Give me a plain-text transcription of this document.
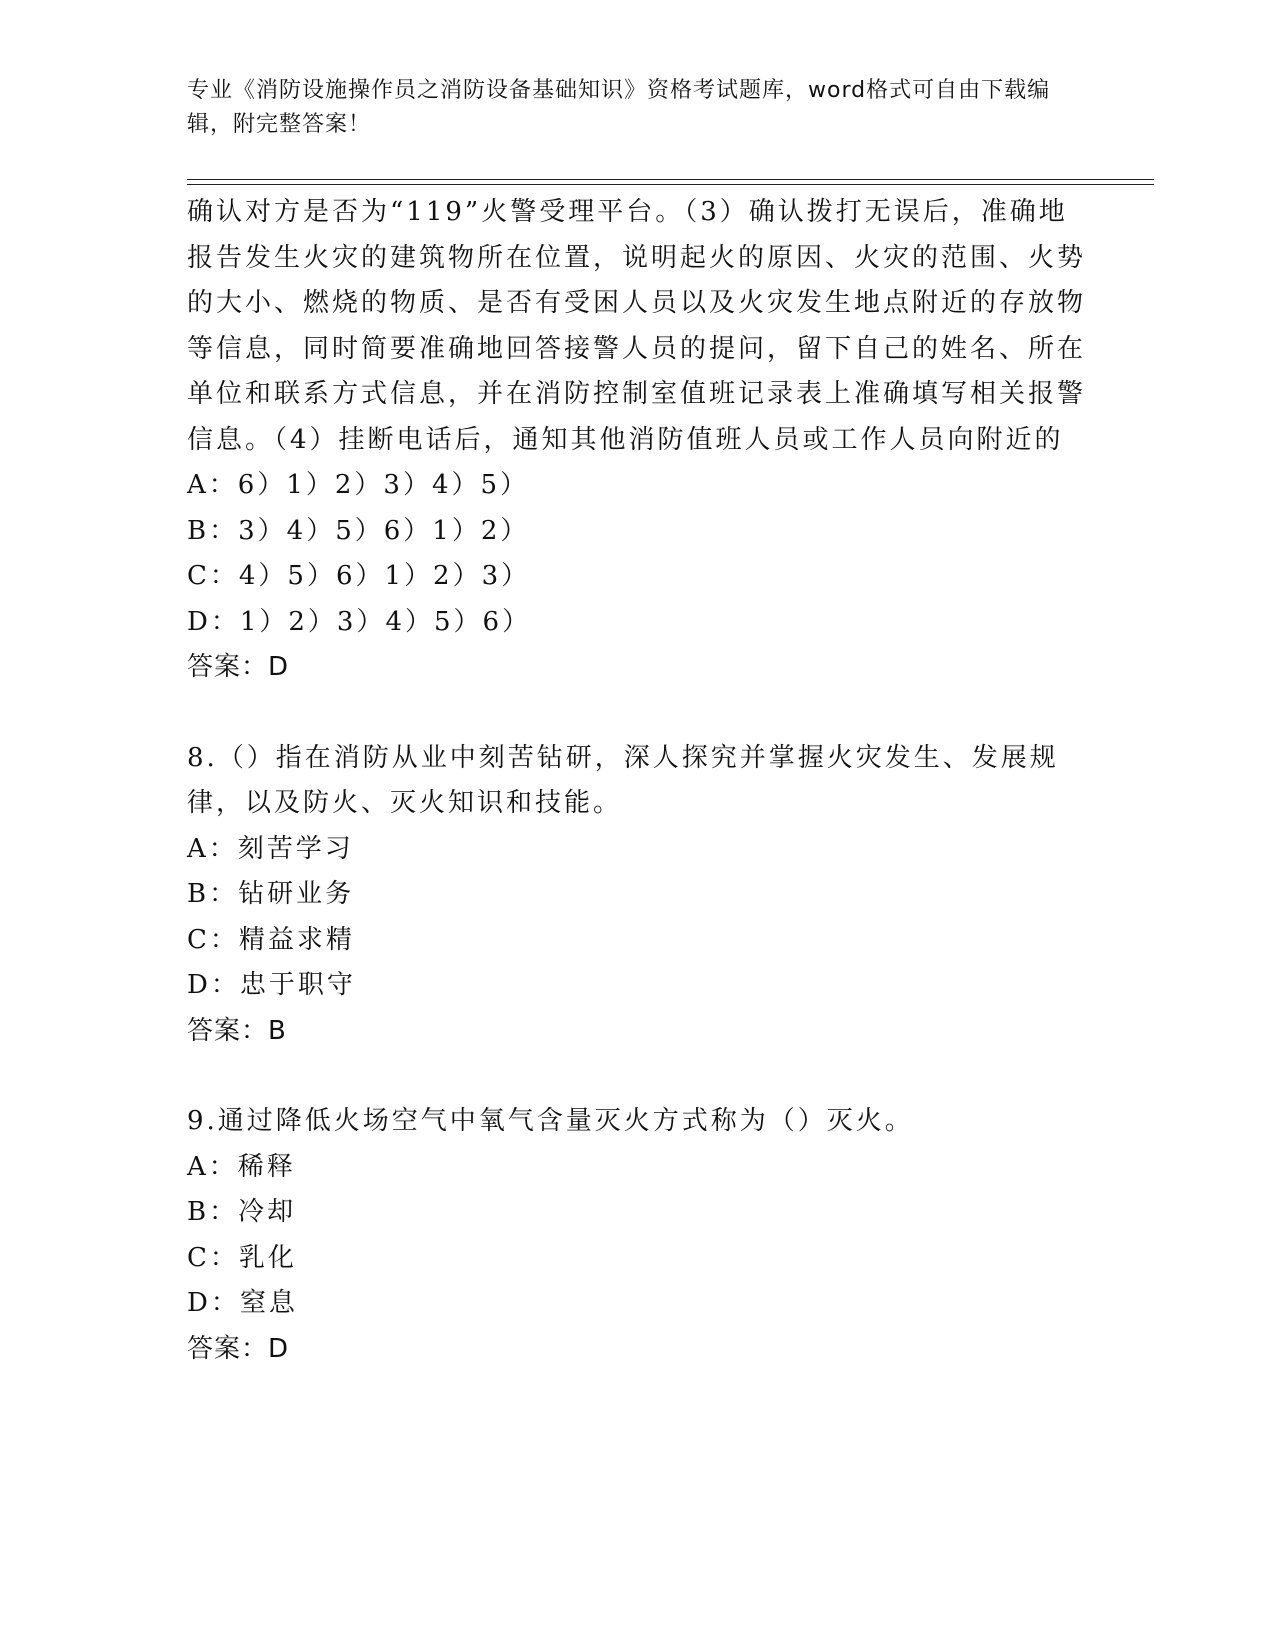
专业《消防设施操作员之消防设备基础知识》资格考试题库，word格式可自由下载编辑，附完整答案！

确认对方是否为“119”火警受理平台。（3）确认拨打无误后，准确地报告发生火灾的建筑物所在位置，说明起火的原因、火灾的范围、火势的大小、燃烧的物质、是否有受困人员以及火灾发生地点附近的存放物等信息，同时简要准确地回答接警人员的提问，留下自己的姓名、所在单位和联系方式信息，并在消防控制室值班记录表上准确填写相关报警信息。（4）挂断电话后，通知其他消防值班人员或工作人员向附近的

A：6）1）2）3）4）5）

B：3）4）5）6）1）2）

C：4）5）6）1）2）3）

D：1）2）3）4）5）6）

答案：D

8.（）指在消防从业中刻苦钻研，深人探究并掌握火灾发生、发展规律，以及防火、灭火知识和技能。

A：刻苦学习

B：钻研业务

C：精益求精

D：忠于职守

答案：B

9.通过降低火场空气中氧气含量灭火方式称为（）灭火。

A：稀释

B：冷却

C：乳化

D：窒息

答案：D
